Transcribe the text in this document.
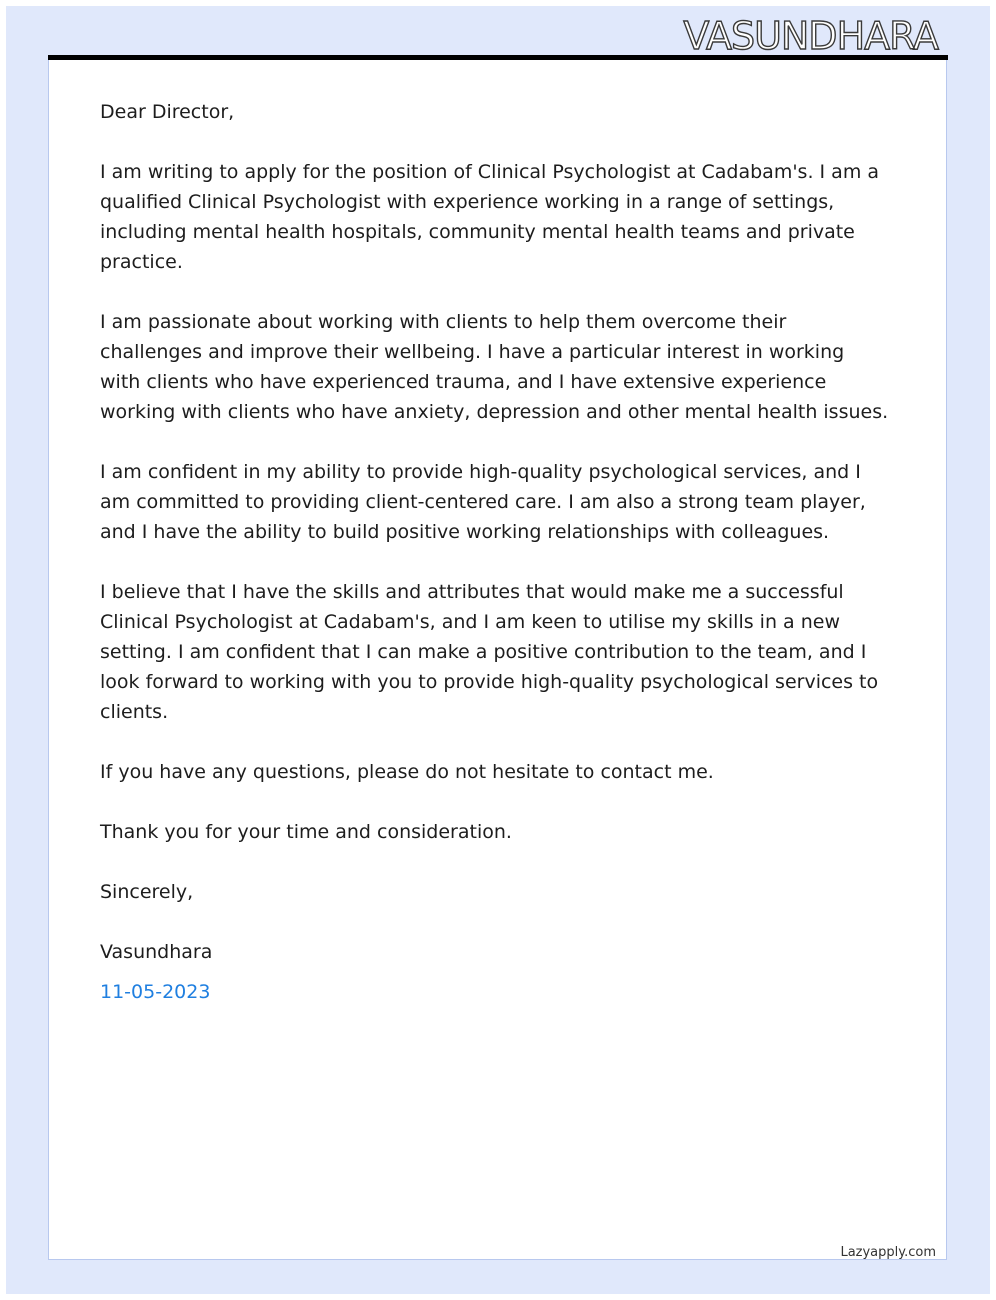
VASUNDHARA

Dear Director,

I am writing to apply for the position of Clinical Psychologist at Cadabam's. I am a qualified Clinical Psychologist with experience working in a range of settings, including mental health hospitals, community mental health teams and private practice.

I am passionate about working with clients to help them overcome their challenges and improve their wellbeing. I have a particular interest in working with clients who have experienced trauma, and I have extensive experience working with clients who have anxiety, depression and other mental health issues.

I am confident in my ability to provide high-quality psychological services, and I am committed to providing client-centered care. I am also a strong team player, and I have the ability to build positive working relationships with colleagues.

I believe that I have the skills and attributes that would make me a successful Clinical Psychologist at Cadabam's, and I am keen to utilise my skills in a new setting. I am confident that I can make a positive contribution to the team, and I look forward to working with you to provide high-quality psychological services to clients.

If you have any questions, please do not hesitate to contact me.

Thank you for your time and consideration.

Sincerely,

Vasundhara

11-05-2023

Lazyapply.com
